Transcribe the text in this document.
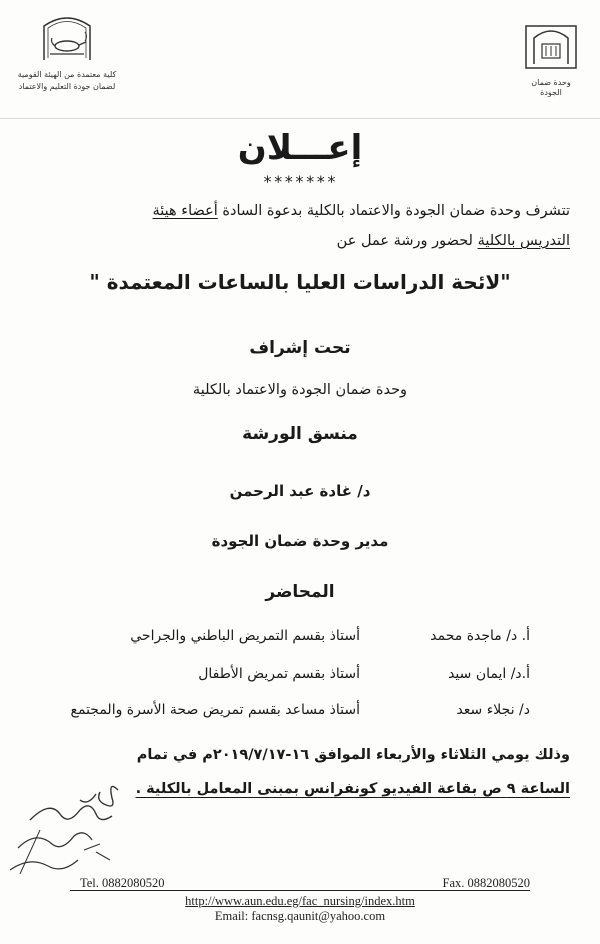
وحدة ضمان الجودة
كلية معتمدة من الهيئة القومية
لضمان جودة التعليم والاعتماد
إعـــلان
*******
تتشرف وحدة ضمان الجودة والاعتماد بالكلية بدعوة السادة أعضاء هيئة
التدريس بالكلية لحضور ورشة عمل عن
"لائحة الدراسات العليا بالساعات المعتمدة "
تحت إشراف
وحدة ضمان الجودة والاعتماد بالكلية
منسق الورشة
د/ غادة عبد الرحمن
مدير وحدة ضمان الجودة
المحاضر
أ. د/ ماجدة محمد
أستاذ بقسم التمريض الباطني والجراحي
أ.د/ ايمان سيد
أستاذ بقسم تمريض الأطفال
د/ نجلاء سعد
أستاذ مساعد بقسم تمريض صحة الأسرة والمجتمع
وذلك يومي الثلاثاء والأربعاء الموافق ١٦-٢٠١٩/٧/١٧م في تمام
الساعة ٩ ص بقاعة الفيديو كونفرانس بمبنى المعامل بالكلية .
Tel. 0882080520	Fax. 0882080520
http://www.aun.edu.eg/fac_nursing/index.htm
Email: facnsg.qaunit@yahoo.com
